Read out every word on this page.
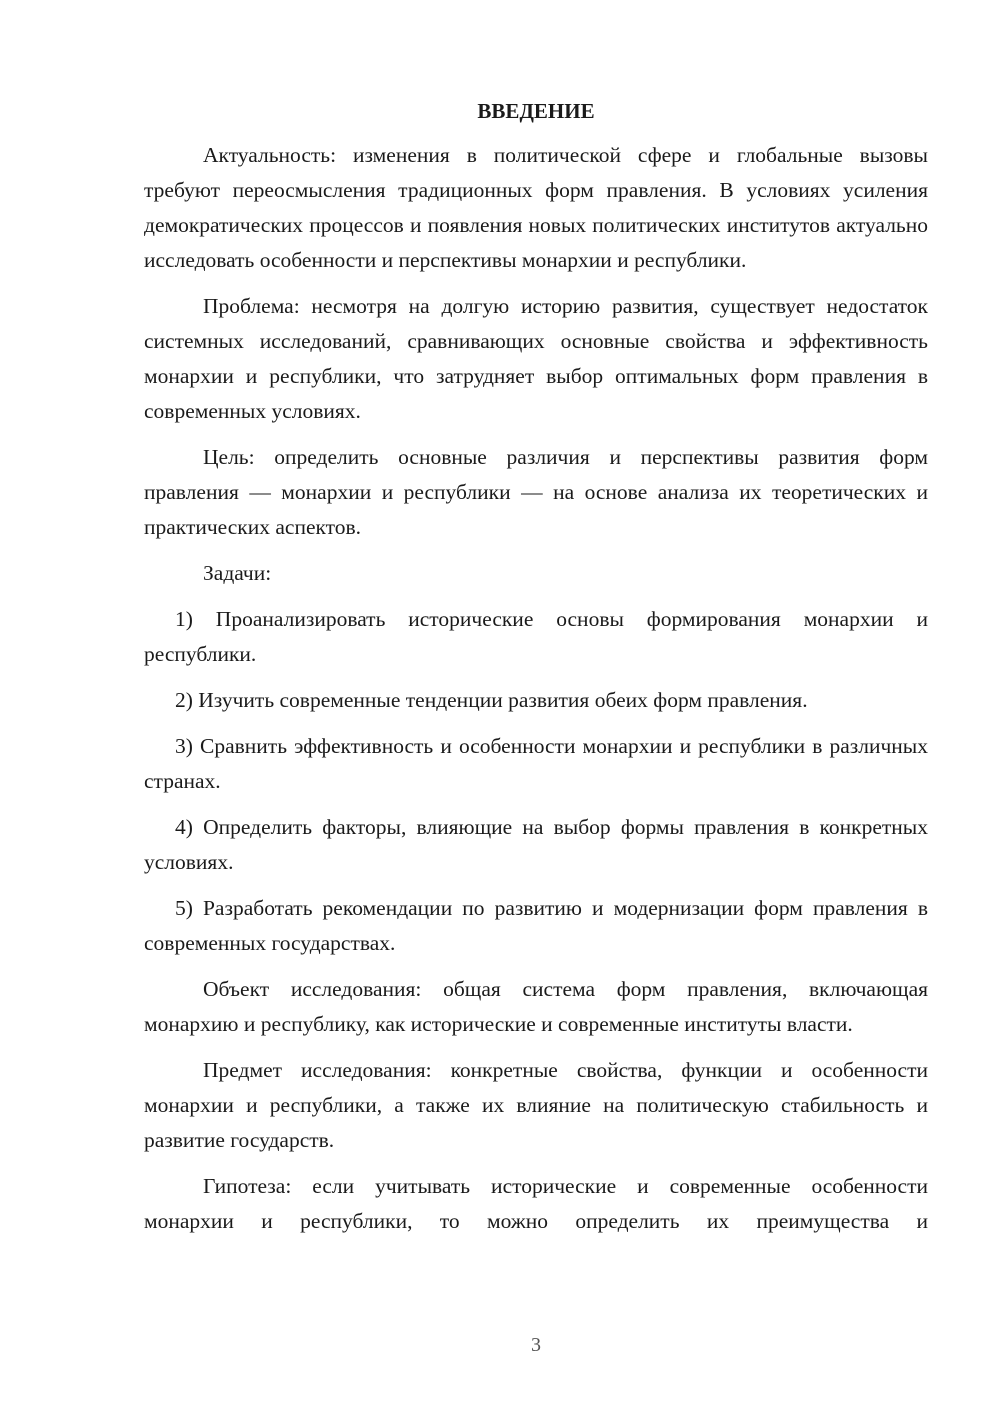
ВВЕДЕНИЕ

Актуальность: изменения в политической сфере и глобальные вызовы требуют переосмысления традиционных форм правления. В условиях усиления демократических процессов и появления новых политических институтов актуально исследовать особенности и перспективы монархии и республики.

Проблема: несмотря на долгую историю развития, существует недостаток системных исследований, сравнивающих основные свойства и эффективность монархии и республики, что затрудняет выбор оптимальных форм правления в современных условиях.

Цель: определить основные различия и перспективы развития форм правления — монархии и республики — на основе анализа их теоретических и практических аспектов.

Задачи:

1) Проанализировать исторические основы формирования монархии и республики.

2) Изучить современные тенденции развития обеих форм правления.

3) Сравнить эффективность и особенности монархии и республики в различных странах.

4) Определить факторы, влияющие на выбор формы правления в конкретных условиях.

5) Разработать рекомендации по развитию и модернизации форм правления в современных государствах.

Объект исследования: общая система форм правления, включающая монархию и республику, как исторические и современные институты власти.

Предмет исследования: конкретные свойства, функции и особенности монархии и республики, а также их влияние на политическую стабильность и развитие государств.

Гипотеза: если учитывать исторические и современные особенности монархии и республики, то можно определить их преимущества и

3
